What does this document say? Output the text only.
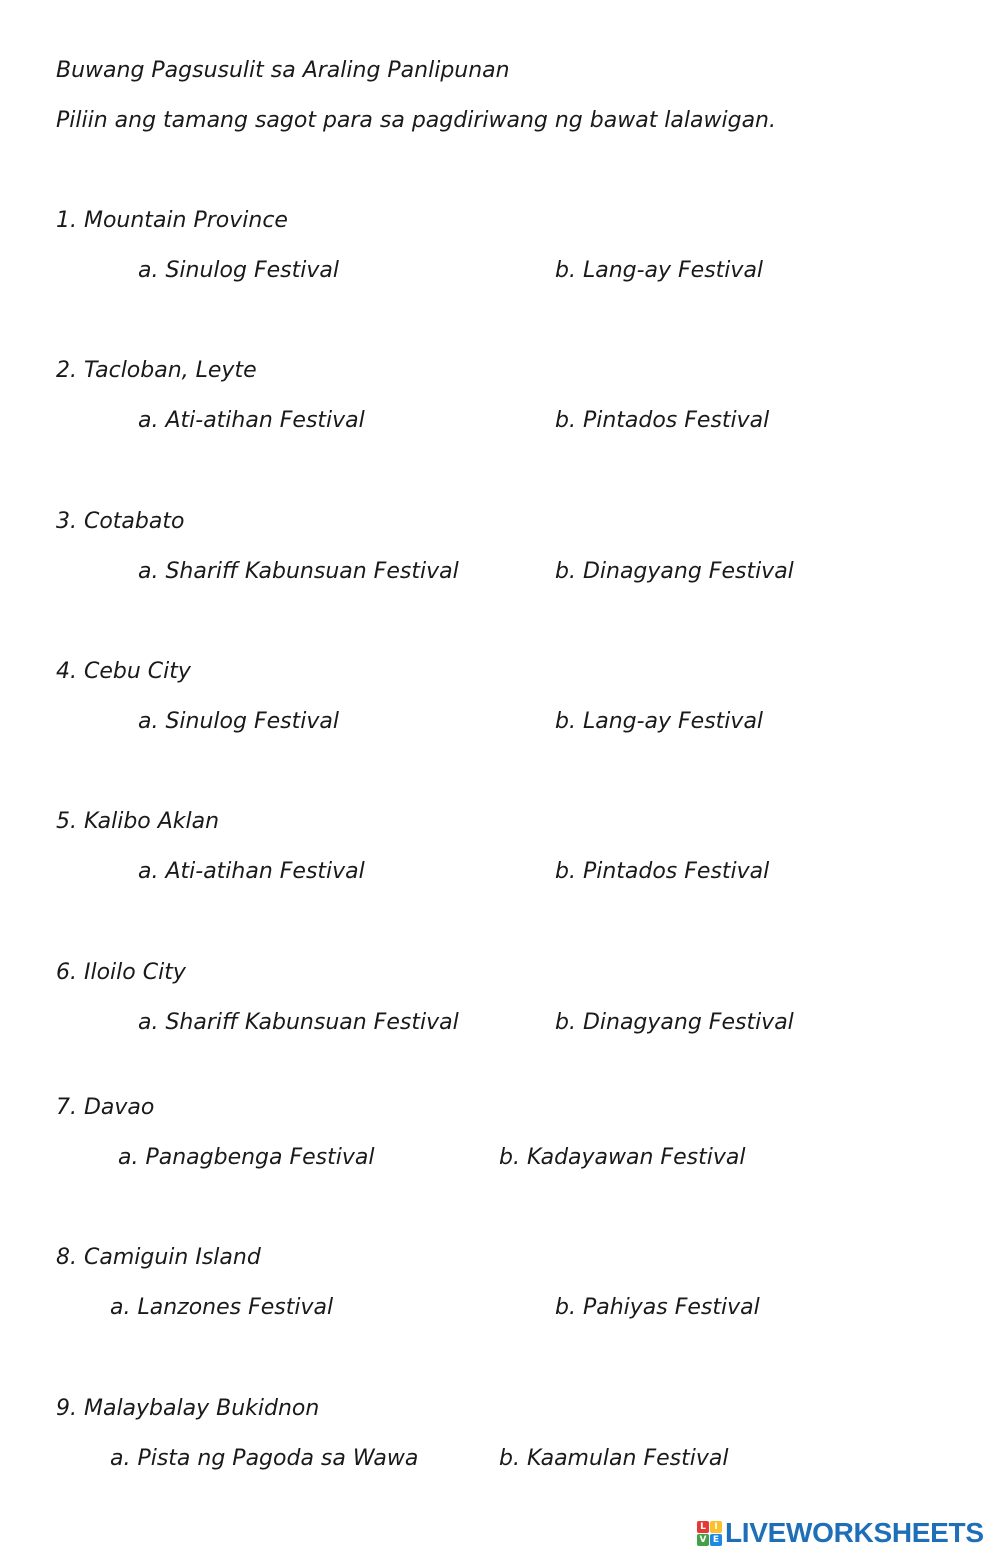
Buwang Pagsusulit sa Araling Panlipunan
Piliin ang tamang sagot para sa pagdiriwang ng bawat lalawigan.
1. Mountain Province
a. Sinulog Festival	b. Lang-ay Festival
2. Tacloban, Leyte
a. Ati-atihan Festival	b. Pintados Festival
3. Cotabato
a. Shariff Kabunsuan Festival	b. Dinagyang Festival
4. Cebu City
a. Sinulog Festival	b. Lang-ay Festival
5. Kalibo Aklan
a. Ati-atihan Festival	b. Pintados Festival
6. Iloilo City
a. Shariff Kabunsuan Festival	b. Dinagyang Festival
7. Davao
a. Panagbenga Festival	b. Kadayawan Festival
8. Camiguin Island
a. Lanzones Festival	b. Pahiyas Festival
9. Malaybalay Bukidnon
a. Pista ng Pagoda sa Wawa	b. Kaamulan Festival
L I
V E LIVEWORKSHEETS
